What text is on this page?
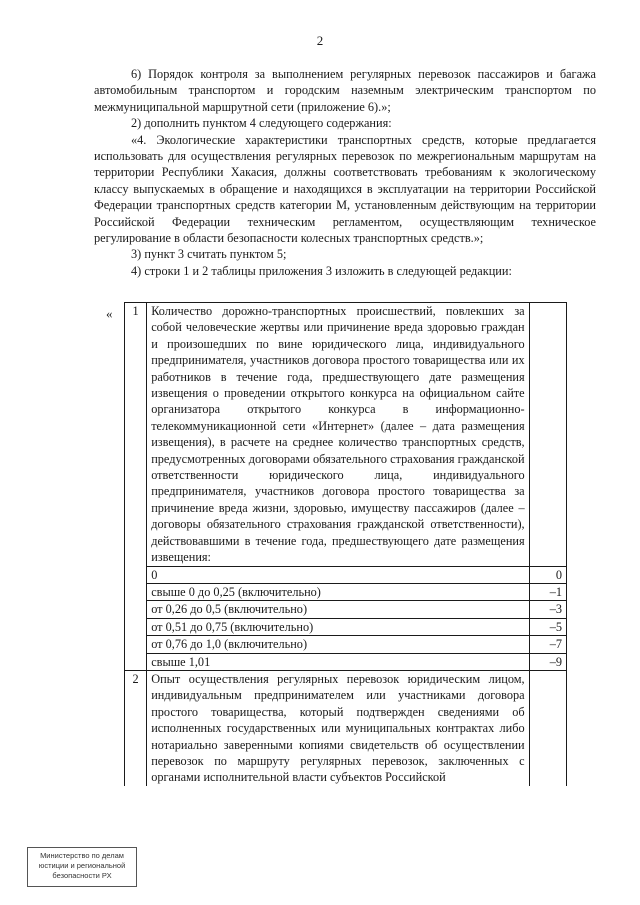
2

6) Порядок контроля за выполнением регулярных перевозок пассажиров и багажа автомобильным транспортом и городским наземным электрическим транспортом по межмуниципальной маршрутной сети (приложение 6).»;

2) дополнить пунктом 4 следующего содержания:

«4. Экологические характеристики транспортных средств, которые предлагается использовать для осуществления регулярных перевозок по межрегиональным маршрутам на территории Республики Хакасия, должны соответствовать требованиям к экологическому классу выпускаемых в обращение и находящихся в эксплуатации на территории Российской Федерации транспортных средств категории М, установленным действующим на территории Российской Федерации техническим регламентом, осуществляющим техническое регулирование в области безопасности колесных транспортных средств.»;

3) пункт 3 считать пунктом 5;

4) строки 1 и 2 таблицы приложения 3 изложить в следующей редакции:

« 1	Количество дорожно-транспортных происшествий, повлекших за собой человеческие жертвы или причинение вреда здоровью граждан и произошедших по вине юридического лица, индивидуального предпринимателя, участников договора простого товарищества или их работников в течение года, предшествующего дате размещения извещения о проведении открытого конкурса на официальном сайте организатора открытого конкурса в информационно-телекоммуникационной сети «Интернет» (далее – дата размещения извещения), в расчете на среднее количество транспортных средств, предусмотренных договорами обязательного страхования гражданской ответственности юридического лица, индивидуального предпринимателя, участников договора простого товарищества за причинение вреда жизни, здоровью, имуществу пассажиров (далее – договоры обязательного страхования гражданской ответственности), действовавшими в течение года, предшествующего дате размещения извещения:	
	0	0
	свыше 0 до 0,25 (включительно)	–1
	от 0,26 до 0,5 (включительно)	–3
	от 0,51 до 0,75 (включительно)	–5
	от 0,76 до 1,0 (включительно)	–7
	свыше 1,01	–9
2	Опыт осуществления регулярных перевозок юридическим лицом, индивидуальным предпринимателем или участниками договора простого товарищества, который подтвержден сведениями об исполненных государственных или муниципальных контрактах либо нотариально заверенными копиями свидетельств об осуществлении перевозок по маршруту регулярных перевозок, заключенных с органами исполнительной власти субъектов Российской	
Министерство по делам
юстиции и региональной
безопасности РХ
